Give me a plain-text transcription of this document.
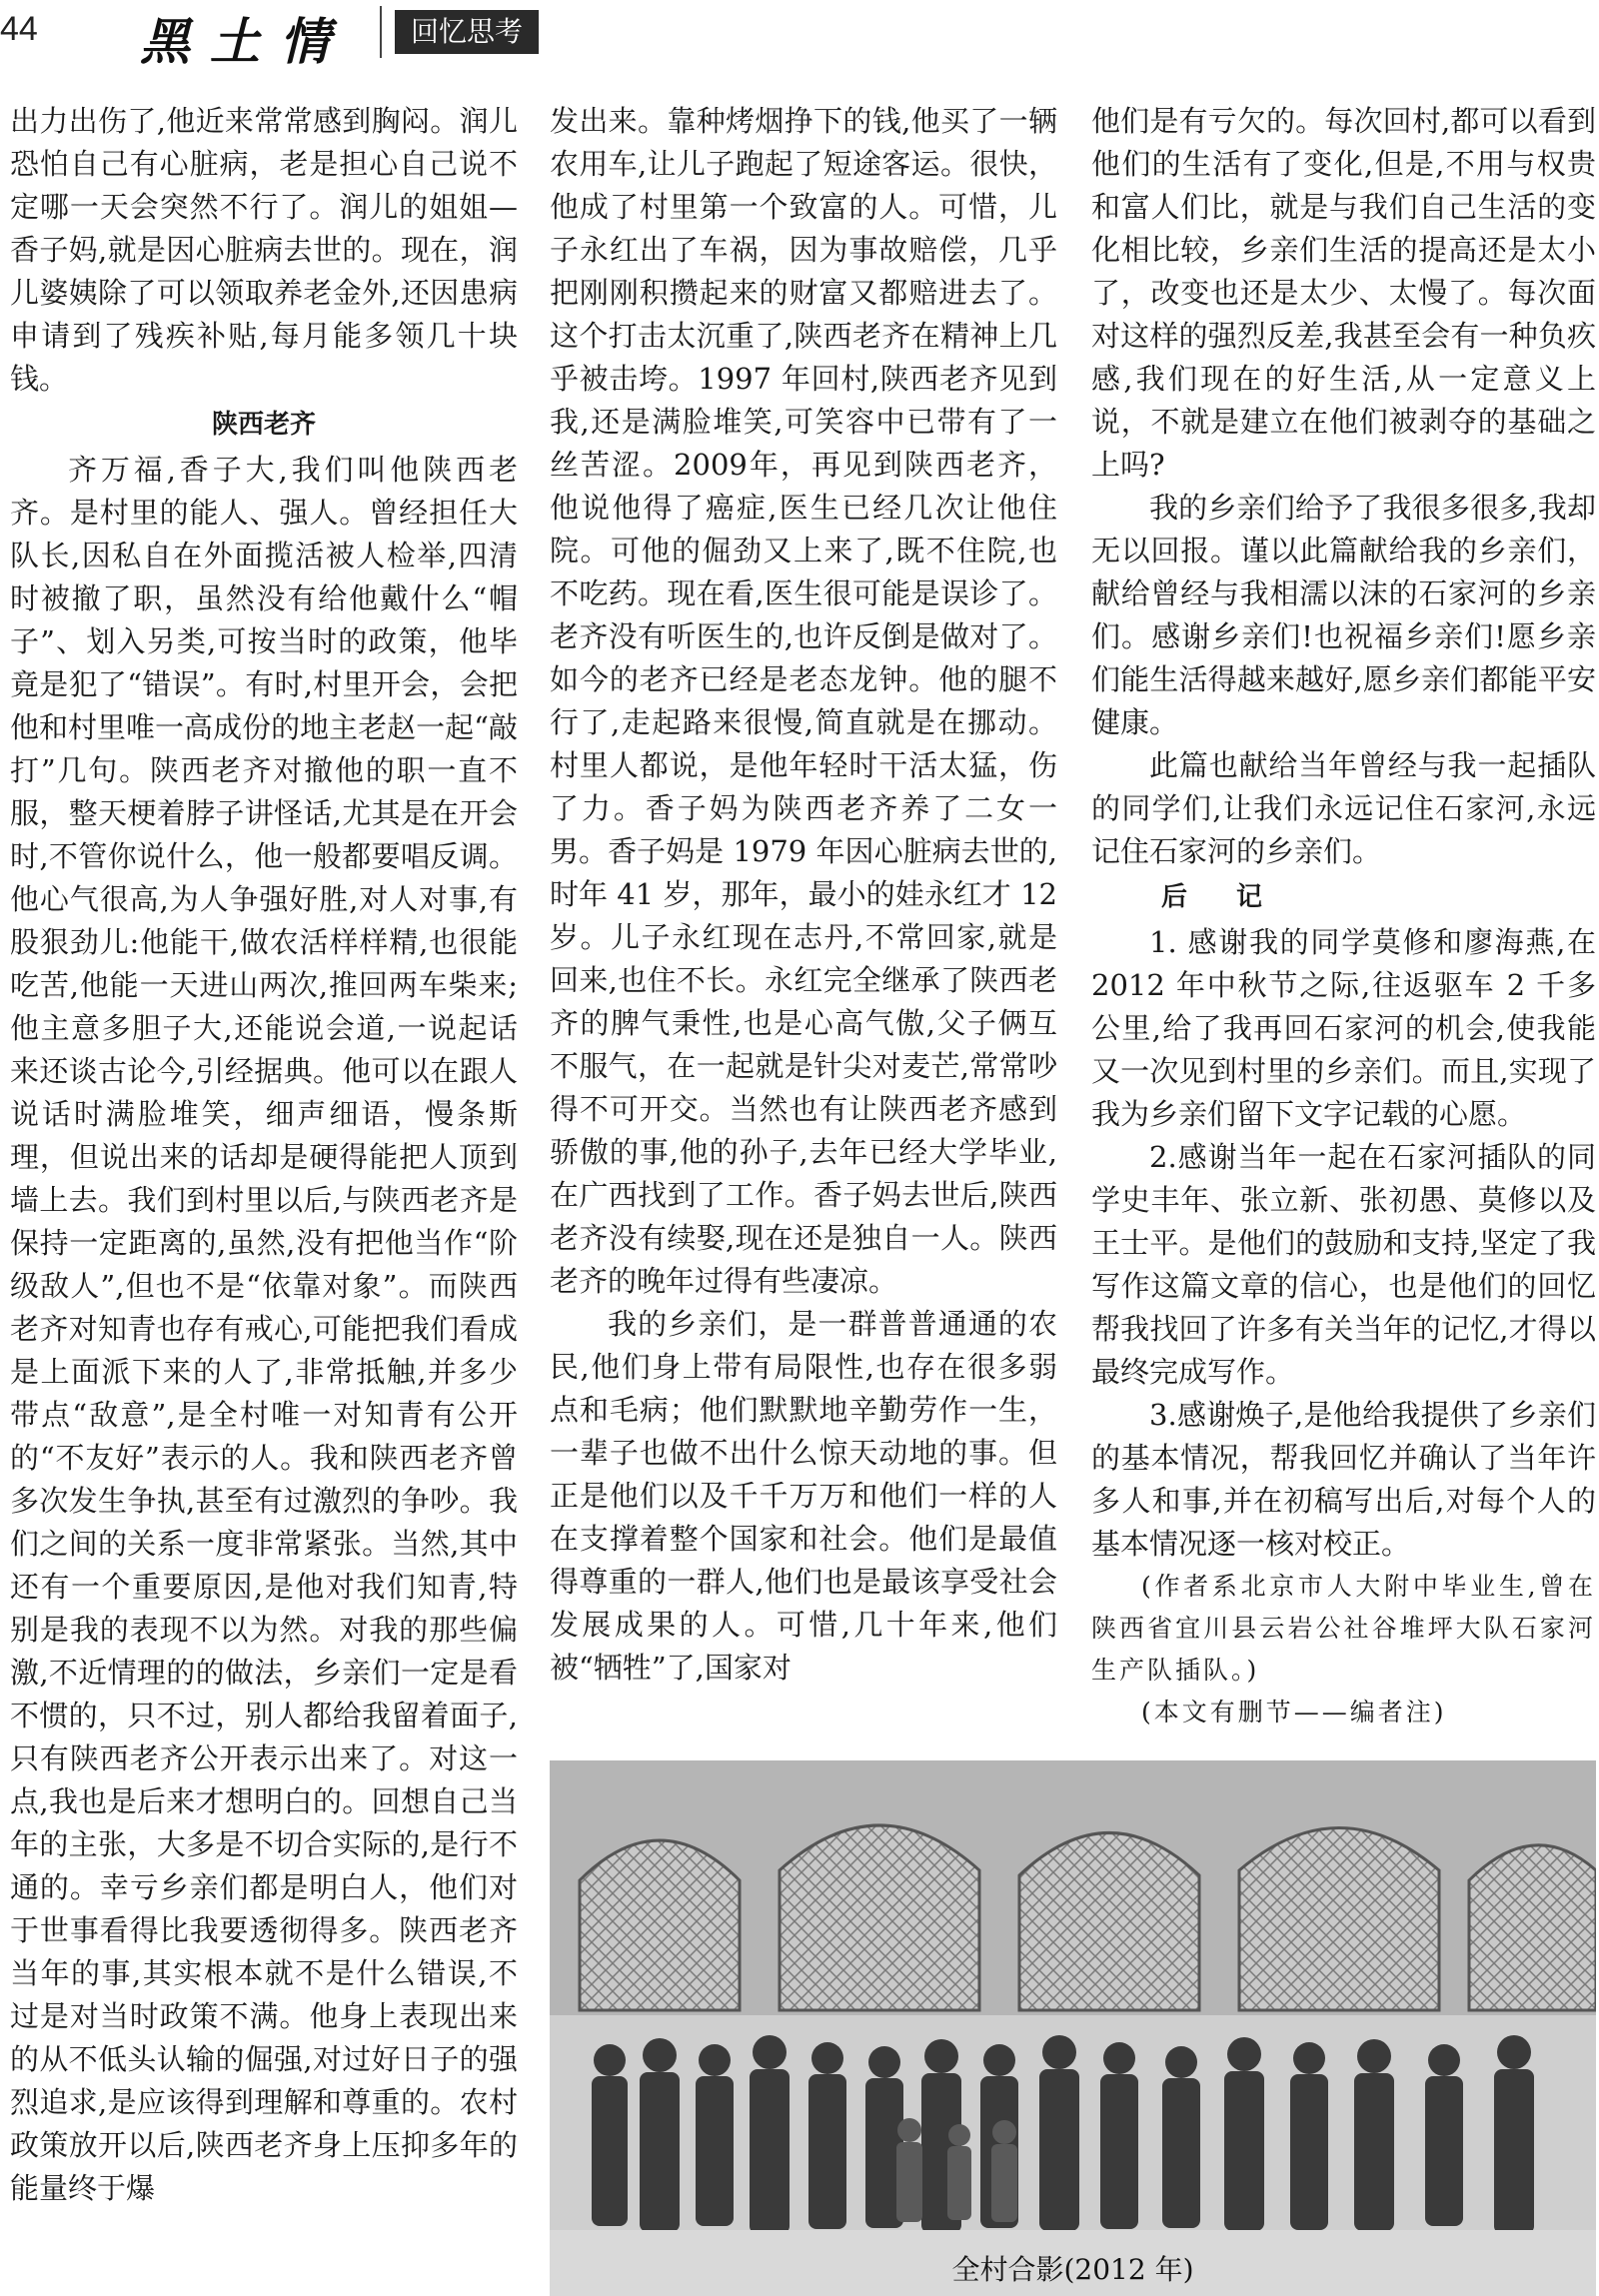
44 黑土情	回忆思考

出力出伤了,他近来常常感到胸闷。润儿恐怕自己有心脏病，老是担心自己说不定哪一天会突然不行了。润儿的姐姐—香子妈,就是因心脏病去世的。现在，润儿婆姨除了可以领取养老金外,还因患病申请到了残疾补贴,每月能多领几十块钱。

陕西老齐

齐万福,香子大,我们叫他陕西老齐。是村里的能人、强人。曾经担任大队长,因私自在外面揽活被人检举,四清时被撤了职，虽然没有给他戴什么“帽子”、划入另类,可按当时的政策，他毕竟是犯了“错误”。有时,村里开会，会把他和村里唯一高成份的地主老赵一起“敲打”几句。陕西老齐对撤他的职一直不服，整天梗着脖子讲怪话,尤其是在开会时,不管你说什么，他一般都要唱反调。他心气很高,为人争强好胜,对人对事,有股狠劲儿:他能干,做农活样样精,也很能吃苦,他能一天进山两次,推回两车柴来;他主意多胆子大,还能说会道,一说起话来还谈古论今,引经据典。他可以在跟人说话时满脸堆笑，细声细语，慢条斯理，但说出来的话却是硬得能把人顶到墙上去。我们到村里以后,与陕西老齐是保持一定距离的,虽然,没有把他当作“阶级敌人”,但也不是“依靠对象”。而陕西老齐对知青也存有戒心,可能把我们看成是上面派下来的人了,非常抵触,并多少带点“敌意”,是全村唯一对知青有公开的“不友好”表示的人。我和陕西老齐曾多次发生争执,甚至有过激烈的争吵。我们之间的关系一度非常紧张。当然,其中还有一个重要原因,是他对我们知青,特别是我的表现不以为然。对我的那些偏激,不近情理的的做法，乡亲们一定是看不惯的，只不过，别人都给我留着面子,只有陕西老齐公开表示出来了。对这一点,我也是后来才想明白的。回想自己当年的主张，大多是不切合实际的,是行不通的。幸亏乡亲们都是明白人，他们对于世事看得比我要透彻得多。陕西老齐当年的事,其实根本就不是什么错误,不过是对当时政策不满。他身上表现出来的从不低头认输的倔强,对过好日子的强烈追求,是应该得到理解和尊重的。农村政策放开以后,陕西老齐身上压抑多年的能量终于爆

发出来。靠种烤烟挣下的钱,他买了一辆农用车,让儿子跑起了短途客运。很快，他成了村里第一个致富的人。可惜，儿子永红出了车祸，因为事故赔偿，几乎把刚刚积攒起来的财富又都赔进去了。这个打击太沉重了,陕西老齐在精神上几乎被击垮。1997 年回村,陕西老齐见到我,还是满脸堆笑,可笑容中已带有了一丝苦涩。2009年，再见到陕西老齐，他说他得了癌症,医生已经几次让他住院。可他的倔劲又上来了,既不住院,也不吃药。现在看,医生很可能是误诊了。老齐没有听医生的,也许反倒是做对了。如今的老齐已经是老态龙钟。他的腿不行了,走起路来很慢,简直就是在挪动。村里人都说，是他年轻时干活太猛，伤了力。香子妈为陕西老齐养了二女一男。香子妈是 1979 年因心脏病去世的,时年 41 岁，那年，最小的娃永红才 12岁。儿子永红现在志丹,不常回家,就是回来,也住不长。永红完全继承了陕西老齐的脾气秉性,也是心高气傲,父子俩互不服气，在一起就是针尖对麦芒,常常吵得不可开交。当然也有让陕西老齐感到骄傲的事,他的孙子,去年已经大学毕业,在广西找到了工作。香子妈去世后,陕西老齐没有续娶,现在还是独自一人。陕西老齐的晚年过得有些凄凉。

我的乡亲们，是一群普普通通的农民,他们身上带有局限性,也存在很多弱点和毛病；他们默默地辛勤劳作一生，一辈子也做不出什么惊天动地的事。但正是他们以及千千万万和他们一样的人在支撑着整个国家和社会。他们是最值得尊重的一群人,他们也是最该享受社会发展成果的人。可惜,几十年来,他们被“牺牲”了,国家对

他们是有亏欠的。每次回村,都可以看到他们的生活有了变化,但是,不用与权贵和富人们比，就是与我们自己生活的变化相比较，乡亲们生活的提高还是太小了，改变也还是太少、太慢了。每次面对这样的强烈反差,我甚至会有一种负疚感,我们现在的好生活,从一定意义上说，不就是建立在他们被剥夺的基础之上吗?

我的乡亲们给予了我很多很多,我却无以回报。谨以此篇献给我的乡亲们，献给曾经与我相濡以沫的石家河的乡亲们。感谢乡亲们!也祝福乡亲们!愿乡亲们能生活得越来越好,愿乡亲们都能平安健康。

此篇也献给当年曾经与我一起插队的同学们,让我们永远记住石家河,永远记住石家河的乡亲们。

后 记

1. 感谢我的同学莫修和廖海燕,在 2012 年中秋节之际,往返驱车 2 千多公里,给了我再回石家河的机会,使我能又一次见到村里的乡亲们。而且,实现了我为乡亲们留下文字记载的心愿。

2.感谢当年一起在石家河插队的同学史丰年、张立新、张初愚、莫修以及王士平。是他们的鼓励和支持,坚定了我写作这篇文章的信心，也是他们的回忆帮我找回了许多有关当年的记忆,才得以最终完成写作。

3.感谢焕子,是他给我提供了乡亲们的基本情况，帮我回忆并确认了当年许多人和事,并在初稿写出后,对每个人的基本情况逐一核对校正。

(作者系北京市人大附中毕业生,曾在陕西省宜川县云岩公社谷堆坪大队石家河生产队插队。)

(本文有删节——编者注)

全村合影(2012 年)
